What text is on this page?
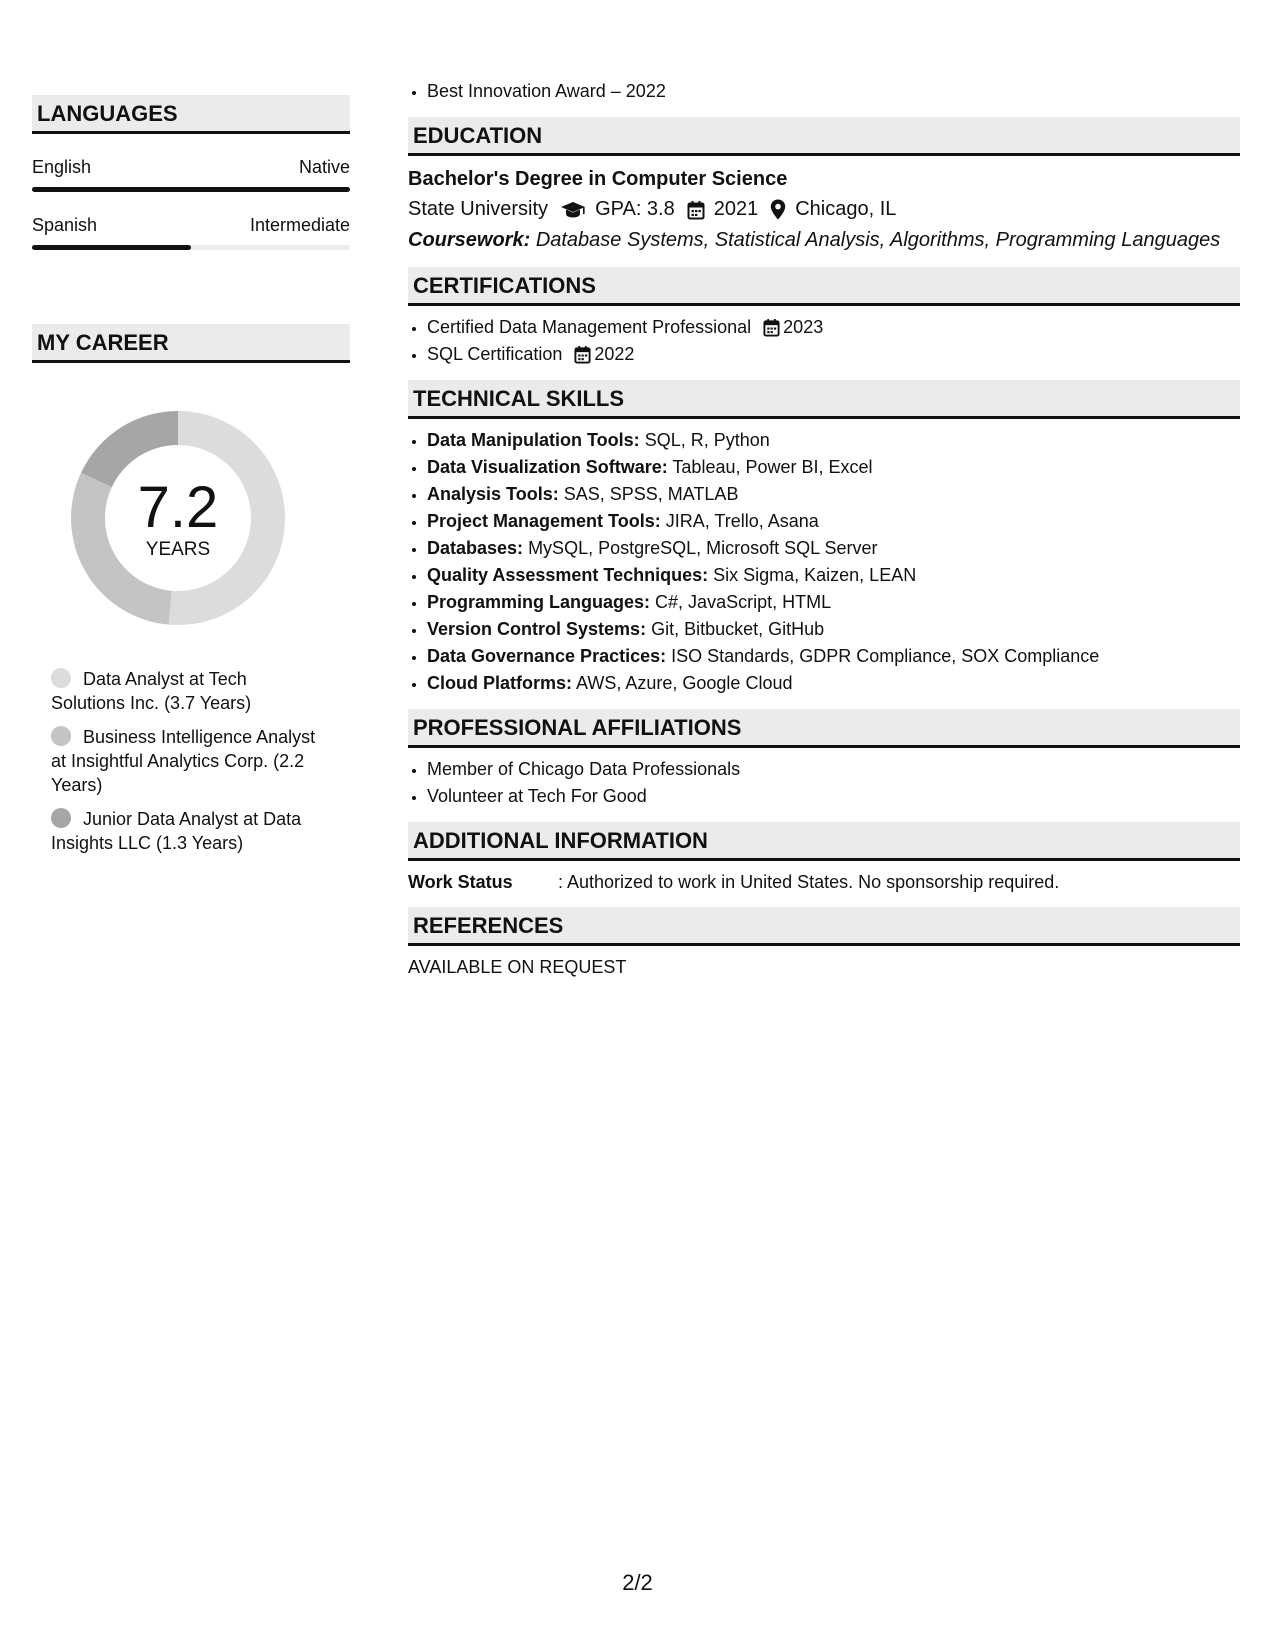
LANGUAGES
English	Native
Spanish	Intermediate
MY CAREER
7.2
YEARS
Data Analyst at Tech Solutions Inc. (3.7 Years)
Business Intelligence Analyst at Insightful Analytics Corp. (2.2 Years)
Junior Data Analyst at Data Insights LLC (1.3 Years)
• Best Innovation Award – 2022
EDUCATION
Bachelor's Degree in Computer Science
State University GPA: 3.8 2021 Chicago, IL
Coursework: Database Systems, Statistical Analysis, Algorithms, Programming Languages
CERTIFICATIONS
• Certified Data Management Professional 2023
• SQL Certification 2022
TECHNICAL SKILLS
• Data Manipulation Tools: SQL, R, Python
• Data Visualization Software: Tableau, Power BI, Excel
• Analysis Tools: SAS, SPSS, MATLAB
• Project Management Tools: JIRA, Trello, Asana
• Databases: MySQL, PostgreSQL, Microsoft SQL Server
• Quality Assessment Techniques: Six Sigma, Kaizen, LEAN
• Programming Languages: C#, JavaScript, HTML
• Version Control Systems: Git, Bitbucket, GitHub
• Data Governance Practices: ISO Standards, GDPR Compliance, SOX Compliance
• Cloud Platforms: AWS, Azure, Google Cloud
PROFESSIONAL AFFILIATIONS
• Member of Chicago Data Professionals
• Volunteer at Tech For Good
ADDITIONAL INFORMATION
Work Status	: Authorized to work in United States. No sponsorship required.
REFERENCES
AVAILABLE ON REQUEST
2/2
